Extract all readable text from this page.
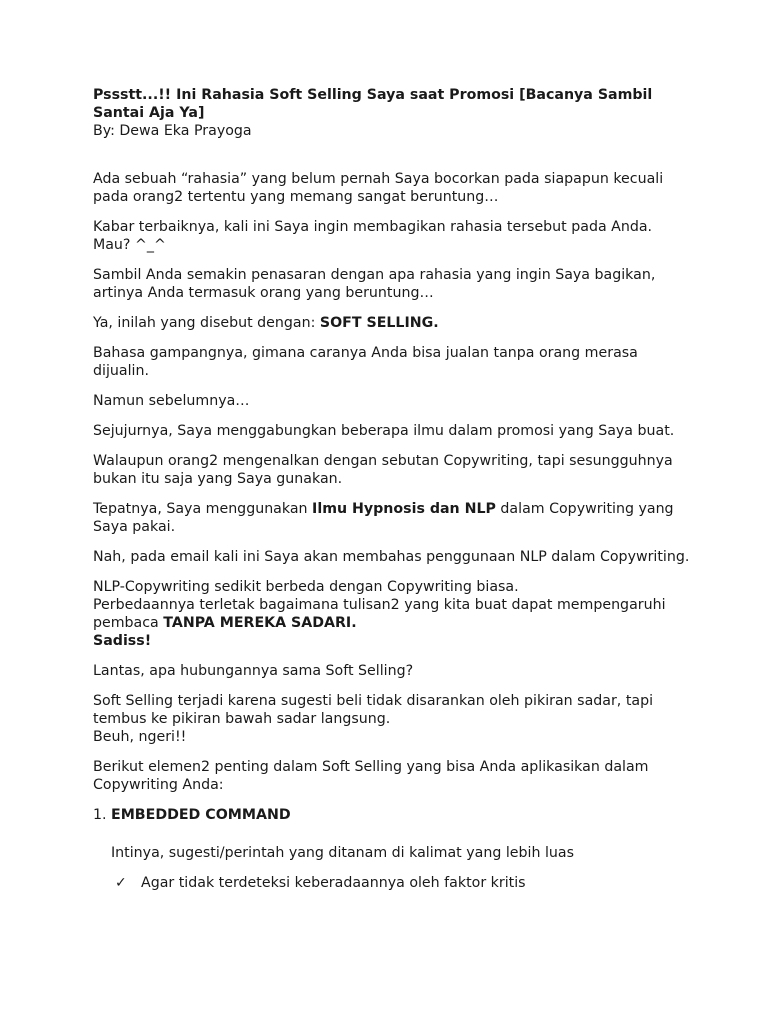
Pssstt...!! Ini Rahasia Soft Selling Saya saat Promosi [Bacanya Sambil Santai Aja Ya]

By: Dewa Eka Prayoga

Ada sebuah “rahasia” yang belum pernah Saya bocorkan pada siapapun kecuali pada orang2 tertentu yang memang sangat beruntung…

Kabar terbaiknya, kali ini Saya ingin membagikan rahasia tersebut pada Anda. Mau? ^_^

Sambil Anda semakin penasaran dengan apa rahasia yang ingin Saya bagikan, artinya Anda termasuk orang yang beruntung…

Ya, inilah yang disebut dengan: SOFT SELLING.

Bahasa gampangnya, gimana caranya Anda bisa jualan tanpa orang merasa dijualin.

Namun sebelumnya…

Sejujurnya, Saya menggabungkan beberapa ilmu dalam promosi yang Saya buat.

Walaupun orang2 mengenalkan dengan sebutan Copywriting, tapi sesungguhnya bukan itu saja yang Saya gunakan.

Tepatnya, Saya menggunakan Ilmu Hypnosis dan NLP dalam Copywriting yang Saya pakai.

Nah, pada email kali ini Saya akan membahas penggunaan NLP dalam Copywriting.

NLP-Copywriting sedikit berbeda dengan Copywriting biasa.
Perbedaannya terletak bagaimana tulisan2 yang kita buat dapat mempengaruhi pembaca TANPA MEREKA SADARI.
Sadiss!

Lantas, apa hubungannya sama Soft Selling?

Soft Selling terjadi karena sugesti beli tidak disarankan oleh pikiran sadar, tapi tembus ke pikiran bawah sadar langsung.
Beuh, ngeri!!

Berikut elemen2 penting dalam Soft Selling yang bisa Anda aplikasikan dalam Copywriting Anda:

1. EMBEDDED COMMAND

Intinya, sugesti/perintah yang ditanam di kalimat yang lebih luas

✓	Agar tidak terdeteksi keberadaannya oleh faktor kritis
